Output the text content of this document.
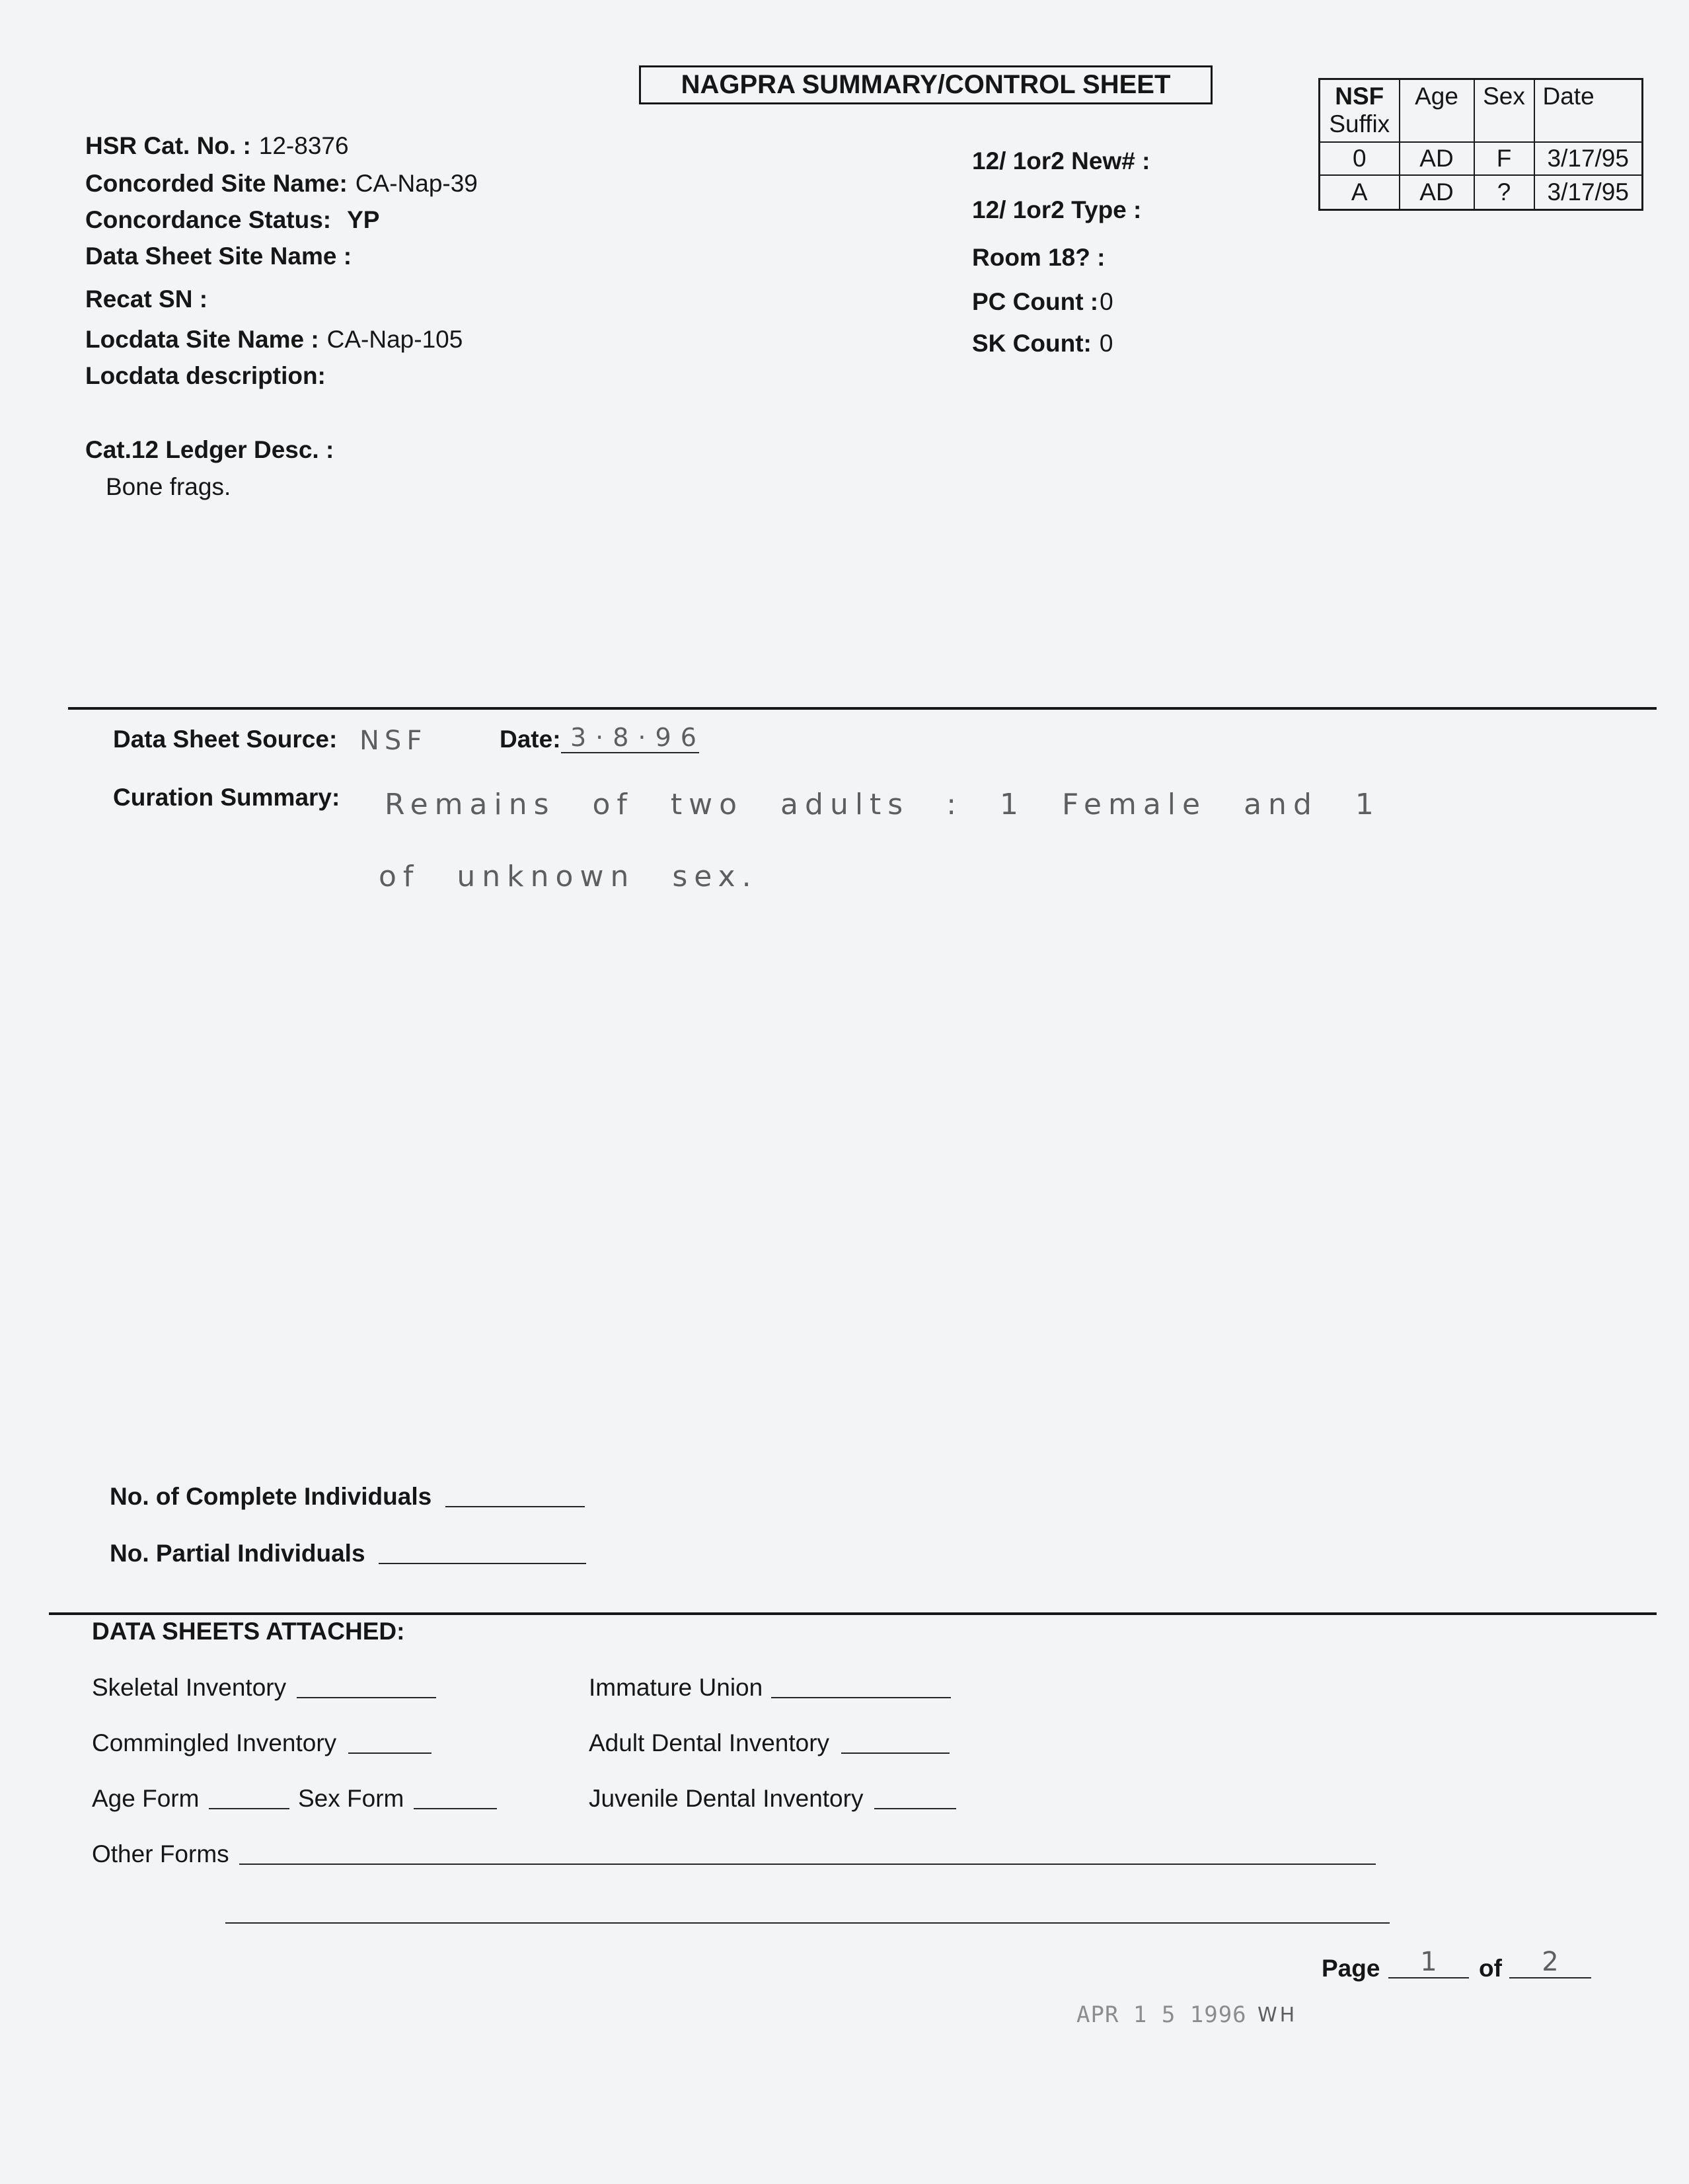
NAGPRA SUMMARY/CONTROL SHEET
HSR Cat. No. : 12-8376
Concorded Site Name: CA-Nap-39
Concordance Status: YP
Data Sheet Site Name :
Recat SN :
Locdata Site Name : CA-Nap-105
Locdata description:
Cat.12 Ledger Desc. :
Bone frags.
12/ 1or2 New# :
12/ 1or2 Type :
Room 18? :
PC Count :0
SK Count: 0
NSF
Suffix	Age	Sex	Date
0	AD	F	3/17/95
A	AD	?	3/17/95
Data Sheet Source: NSF	Date: 3·8·96
Curation Summary: Remains of two adults : 1 Female and 1
of unknown sex.
No. of Complete Individuals
No. Partial Individuals
DATA SHEETS ATTACHED:
Skeletal Inventory	Immature Union
Commingled Inventory	Adult Dental Inventory
Age Form	Sex Form	Juvenile Dental Inventory
Other Forms
Page	1	of	2
APR 1 5 1996 WH
